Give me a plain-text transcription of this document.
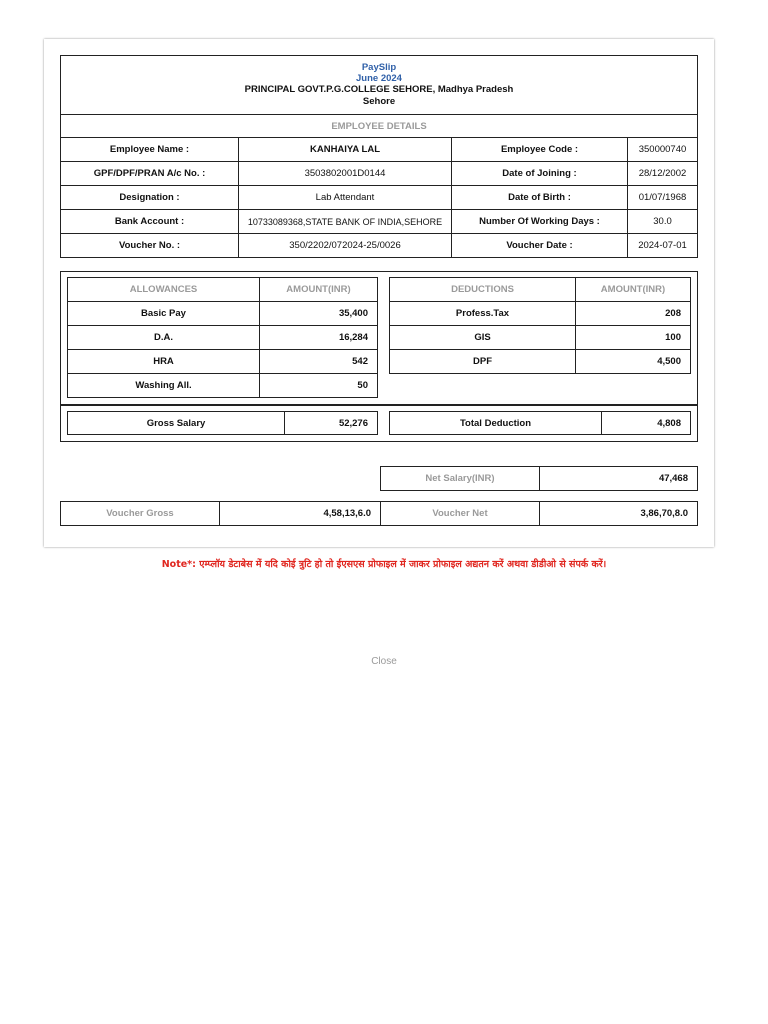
PaySlip
June 2024
PRINCIPAL GOVT.P.G.COLLEGE SEHORE, Madhya Pradesh
Sehore
EMPLOYEE DETAILS
Employee Name :	KANHAIYA LAL	Employee Code :	350000740
GPF/DPF/PRAN A/c No. :	3503802001D0144	Date of Joining :	28/12/2002
Designation :	Lab Attendant	Date of Birth :	01/07/1968
Bank Account :	10733089368,STATE BANK OF INDIA,SEHORE	Number Of Working Days :	30.0
Voucher No. :	350/2202/072024-25/0026	Voucher Date :	2024-07-01
ALLOWANCES	AMOUNT(INR)
Basic Pay	35,400
D.A.	16,284
HRA	542
Washing All.	50
DEDUCTIONS	AMOUNT(INR)
Profess.Tax	208
GIS	100
DPF	4,500
Gross Salary	52,276	Total Deduction	4,808
Net Salary(INR)	47,468
Voucher Gross	4,58,13,6.0	Voucher Net	3,86,70,8.0
Note*: एम्प्लॉय डेटाबेस में यदि कोई त्रुटि हो तो ईएसएस प्रोफाइल में जाकर प्रोफाइल अद्यतन करें अथवा डीडीओ से संपर्क करें।
Close
